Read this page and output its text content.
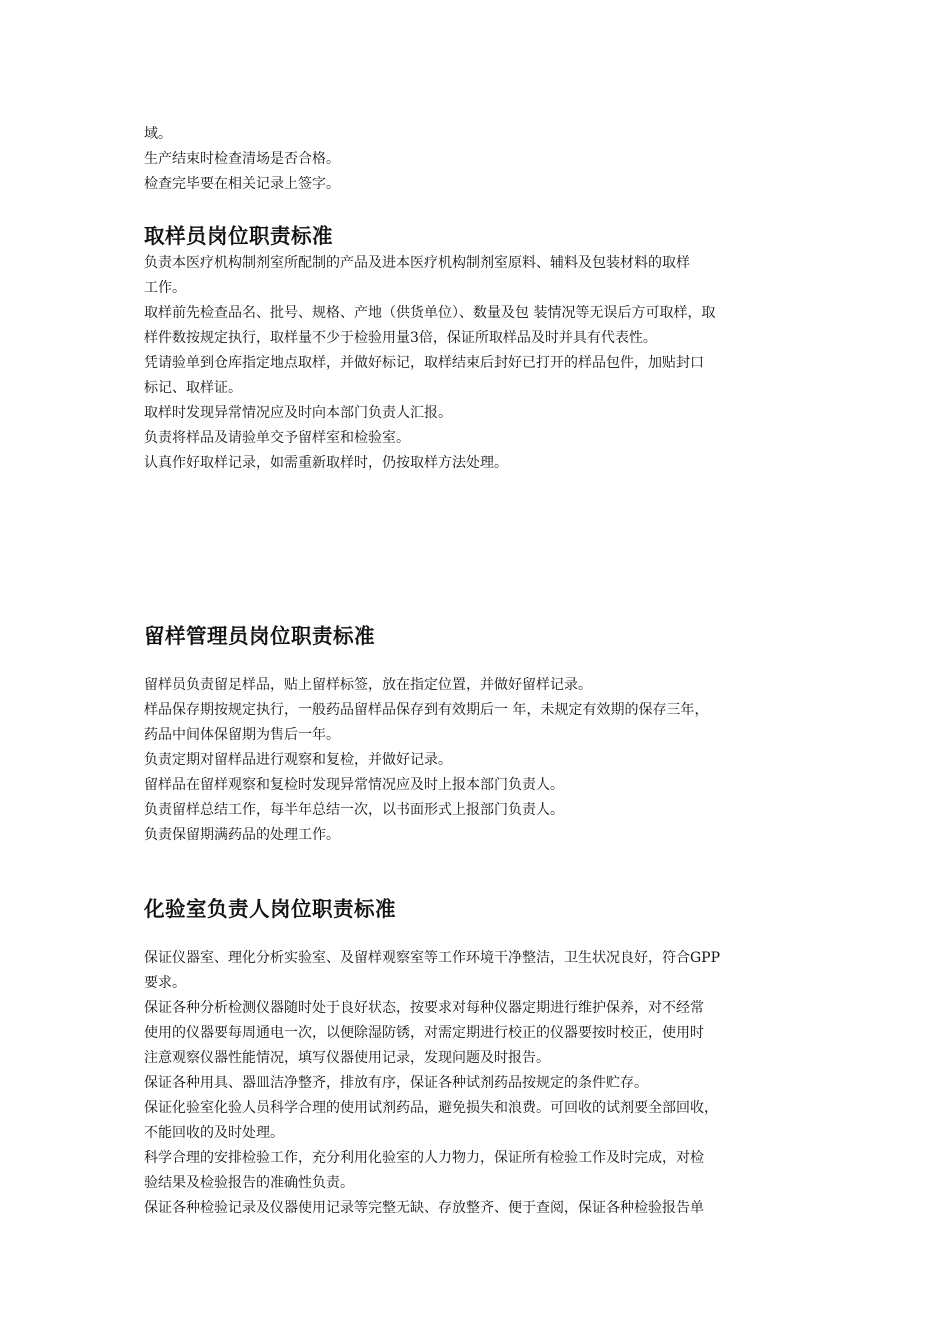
域。

生产结束时检查清场是否合格。

检查完毕要在相关记录上签字。

取样员岗位职责标准

负责本医疗机构制剂室所配制的产品及进本医疗机构制剂室原料、辅料及包装材料的取样

工作。

取样前先检查品名、批号、规格、产地（供货单位）、数量及包 装情况等无误后方可取样，取

样件数按规定执行，取样量不少于检验用量3倍，保证所取样品及时并具有代表性。

凭请验单到仓库指定地点取样，并做好标记，取样结束后封好已打开的样品包件，加贴封口

标记、取样证。

取样时发现异常情况应及时向本部门负责人汇报。

负责将样品及请验单交予留样室和检验室。

认真作好取样记录，如需重新取样时，仍按取样方法处理。

留样管理员岗位职责标准

留样员负责留足样品，贴上留样标签，放在指定位置，并做好留样记录。

样品保存期按规定执行，一般药品留样品保存到有效期后一 年，未规定有效期的保存三年，

药品中间体保留期为售后一年。

负责定期对留样品进行观察和复检，并做好记录。

留样品在留样观察和复检时发现异常情况应及时上报本部门负责人。

负责留样总结工作，每半年总结一次，以书面形式上报部门负责人。

负责保留期满药品的处理工作。

化验室负责人岗位职责标准

保证仪器室、理化分析实验室、及留样观察室等工作环境干净整洁，卫生状况良好，符合GPP

要求。

保证各种分析检测仪器随时处于良好状态，按要求对每种仪器定期进行维护保养，对不经常

使用的仪器要每周通电一次，以便除湿防锈，对需定期进行校正的仪器要按时校正，使用时

注意观察仪器性能情况，填写仪器使用记录，发现问题及时报告。

保证各种用具、器皿洁净整齐，排放有序，保证各种试剂药品按规定的条件贮存。

保证化验室化验人员科学合理的使用试剂药品，避免损失和浪费。可回收的试剂要全部回收，

不能回收的及时处理。

科学合理的安排检验工作，充分利用化验室的人力物力，保证所有检验工作及时完成，对检

验结果及检验报告的准确性负责。

保证各种检验记录及仪器使用记录等完整无缺、存放整齐、便于查阅，保证各种检验报告单
